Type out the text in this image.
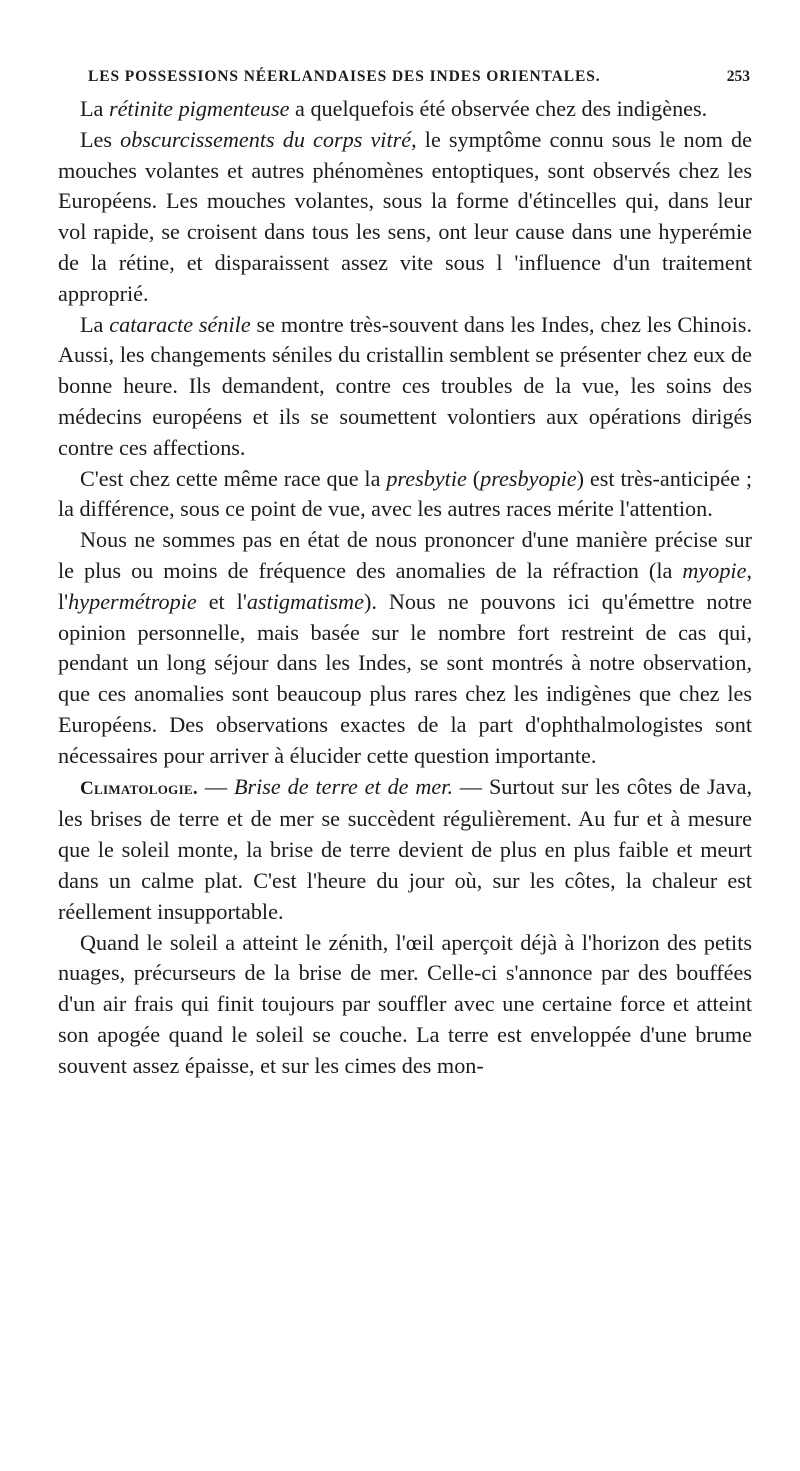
LES POSSESSIONS NÉERLANDAISES DES INDES ORIENTALES.	253

La rétinite pigmenteuse a quelquefois été observée chez des indigènes.

Les obscurcissements du corps vitré, le symptôme connu sous le nom de mouches volantes et autres phénomènes entoptiques, sont observés chez les Européens. Les mouches volantes, sous la forme d'étincelles qui, dans leur vol rapide, se croisent dans tous les sens, ont leur cause dans une hyperémie de la rétine, et disparaissent assez vite sous l 'influence d'un traitement approprié.

La cataracte sénile se montre très-souvent dans les Indes, chez les Chinois. Aussi, les changements séniles du cristallin semblent se présenter chez eux de bonne heure. Ils demandent, contre ces troubles de la vue, les soins des médecins européens et ils se soumettent volontiers aux opérations dirigés contre ces affections.

C'est chez cette même race que la presbytie (presbyopie) est très-anticipée ; la différence, sous ce point de vue, avec les autres races mérite l'attention.

Nous ne sommes pas en état de nous prononcer d'une manière précise sur le plus ou moins de fréquence des anomalies de la réfraction (la myopie, l'hypermétropie et l'astigmatisme). Nous ne pouvons ici qu'émettre notre opinion personnelle, mais basée sur le nombre fort restreint de cas qui, pendant un long séjour dans les Indes, se sont montrés à notre observation, que ces anomalies sont beaucoup plus rares chez les indigènes que chez les Européens. Des observations exactes de la part d'ophthalmologistes sont nécessaires pour arriver à élucider cette question importante.

Climatologie. — Brise de terre et de mer. — Surtout sur les côtes de Java, les brises de terre et de mer se succèdent régulièrement. Au fur et à mesure que le soleil monte, la brise de terre devient de plus en plus faible et meurt dans un calme plat. C'est l'heure du jour où, sur les côtes, la chaleur est réellement insupportable.

Quand le soleil a atteint le zénith, l'œil aperçoit déjà à l'horizon des petits nuages, précurseurs de la brise de mer. Celle-ci s'annonce par des bouffées d'un air frais qui finit toujours par souffler avec une certaine force et atteint son apogée quand le soleil se couche. La terre est enveloppée d'une brume souvent assez épaisse, et sur les cimes des mon-
